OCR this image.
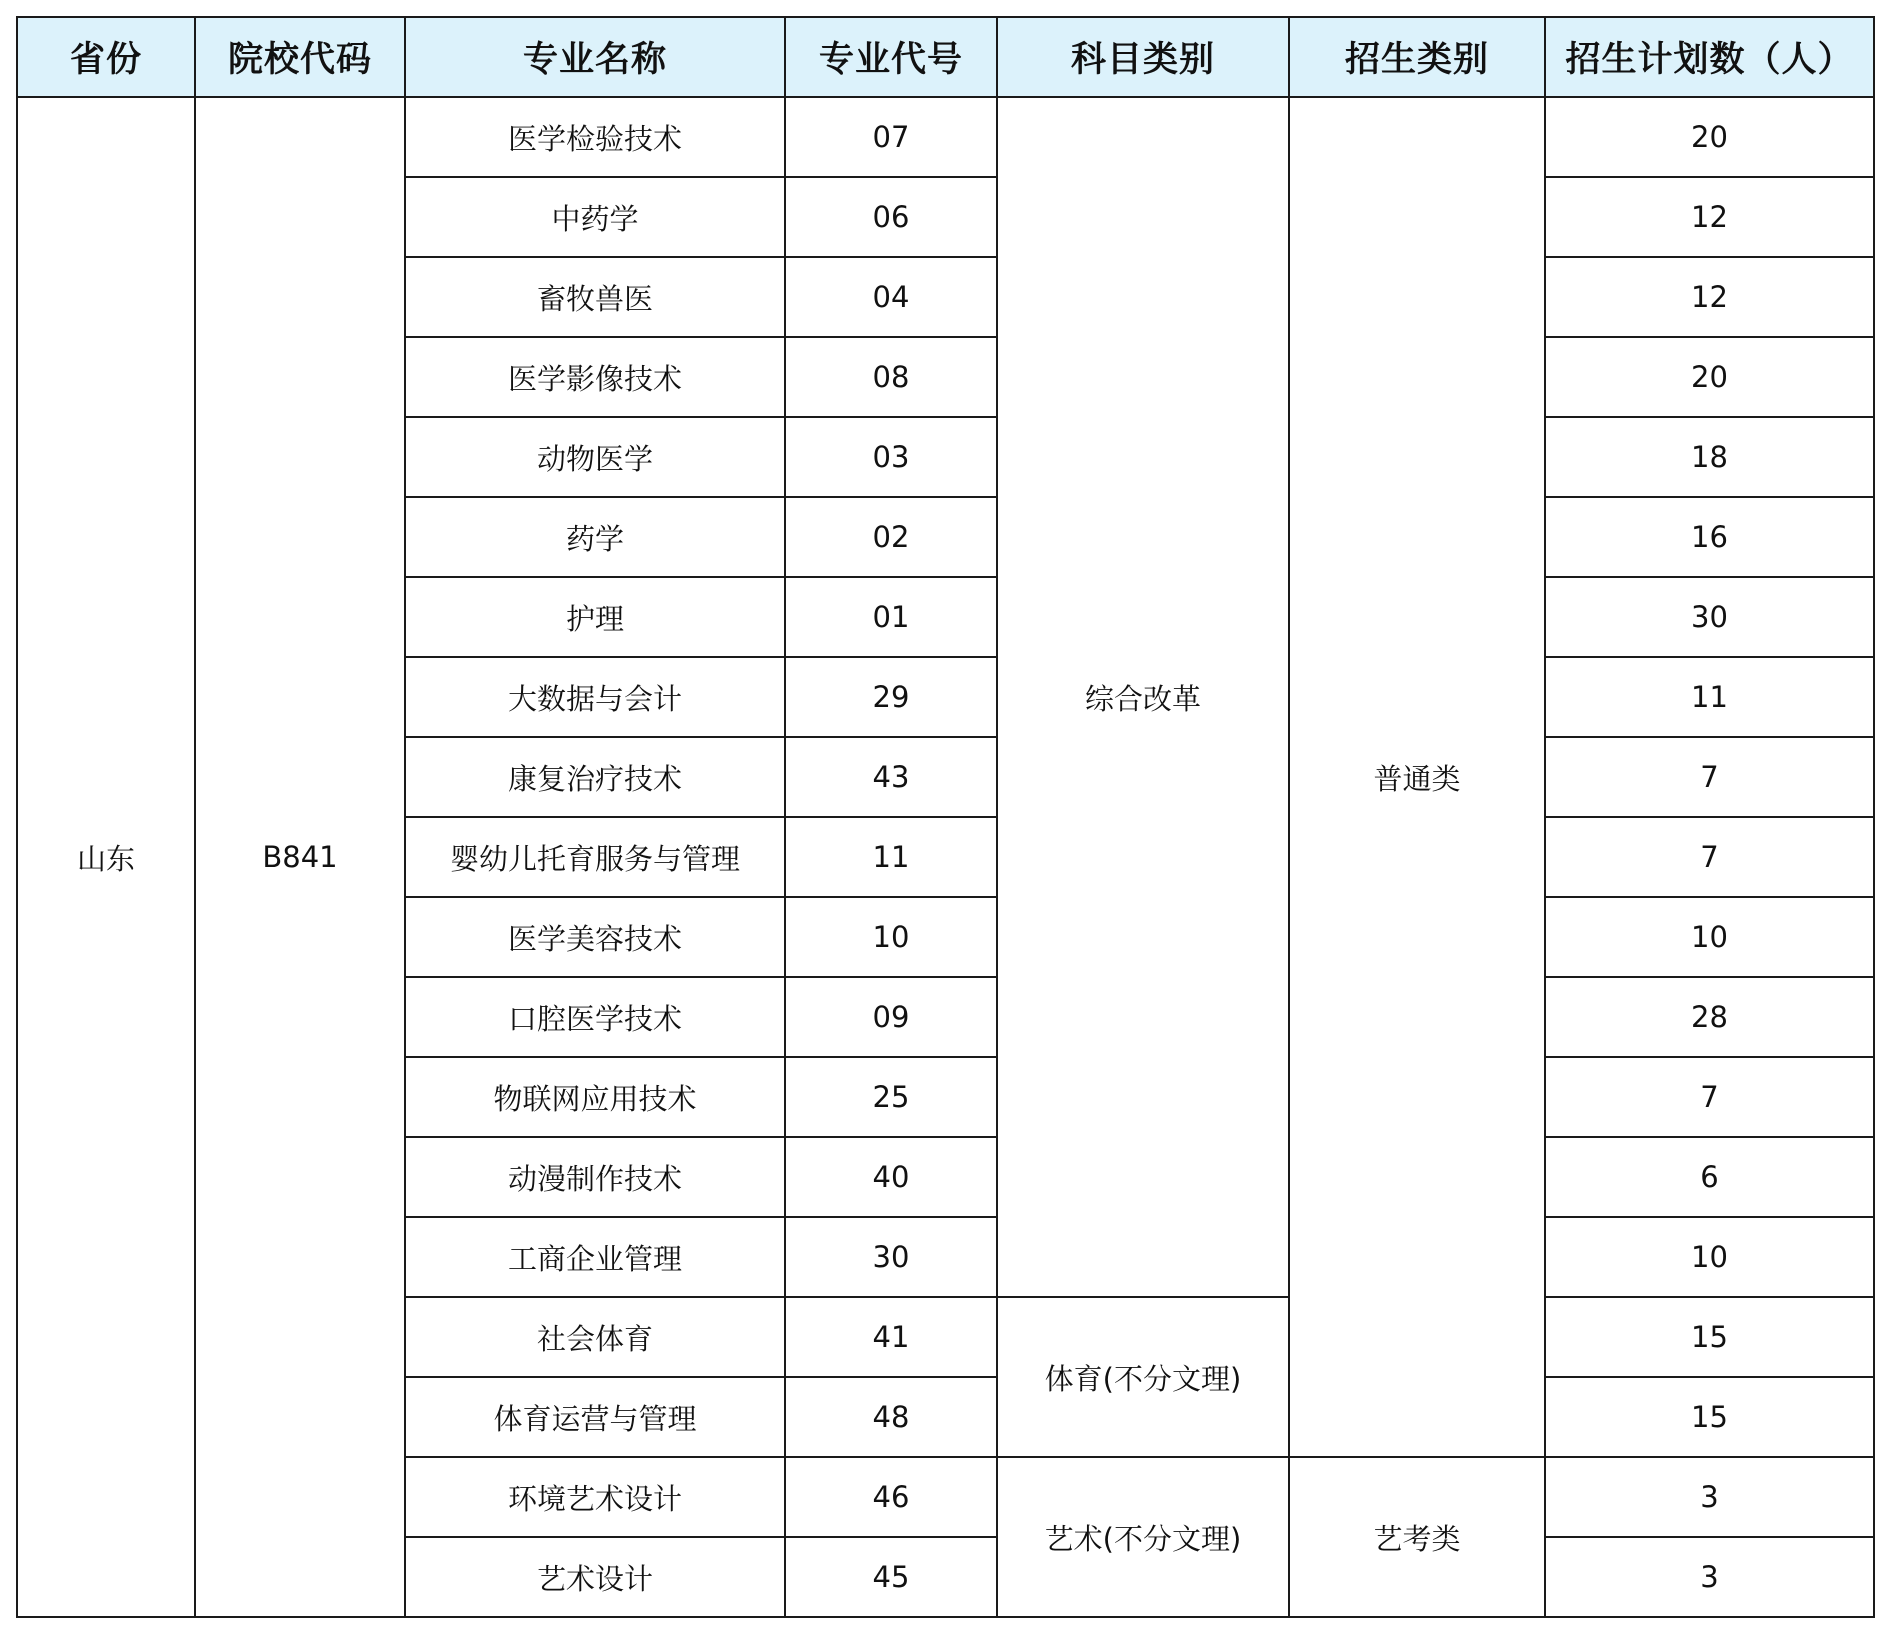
省份	院校代码	专业名称	专业代号	科目类别	招生类别	招生计划数（人）
山东	B841	医学检验技术	07	综合改革	普通类	20
		中药学	06			12
		畜牧兽医	04			12
		医学影像技术	08			20
		动物医学	03			18
		药学	02			16
		护理	01			30
		大数据与会计	29			11
		康复治疗技术	43			7
		婴幼儿托育服务与管理	11			7
		医学美容技术	10			10
		口腔医学技术	09			28
		物联网应用技术	25			7
		动漫制作技术	40			6
		工商企业管理	30			10
		社会体育	41	体育(不分文理)		15
		体育运营与管理	48			15
		环境艺术设计	46	艺术(不分文理)	艺考类	3
		艺术设计	45			3
